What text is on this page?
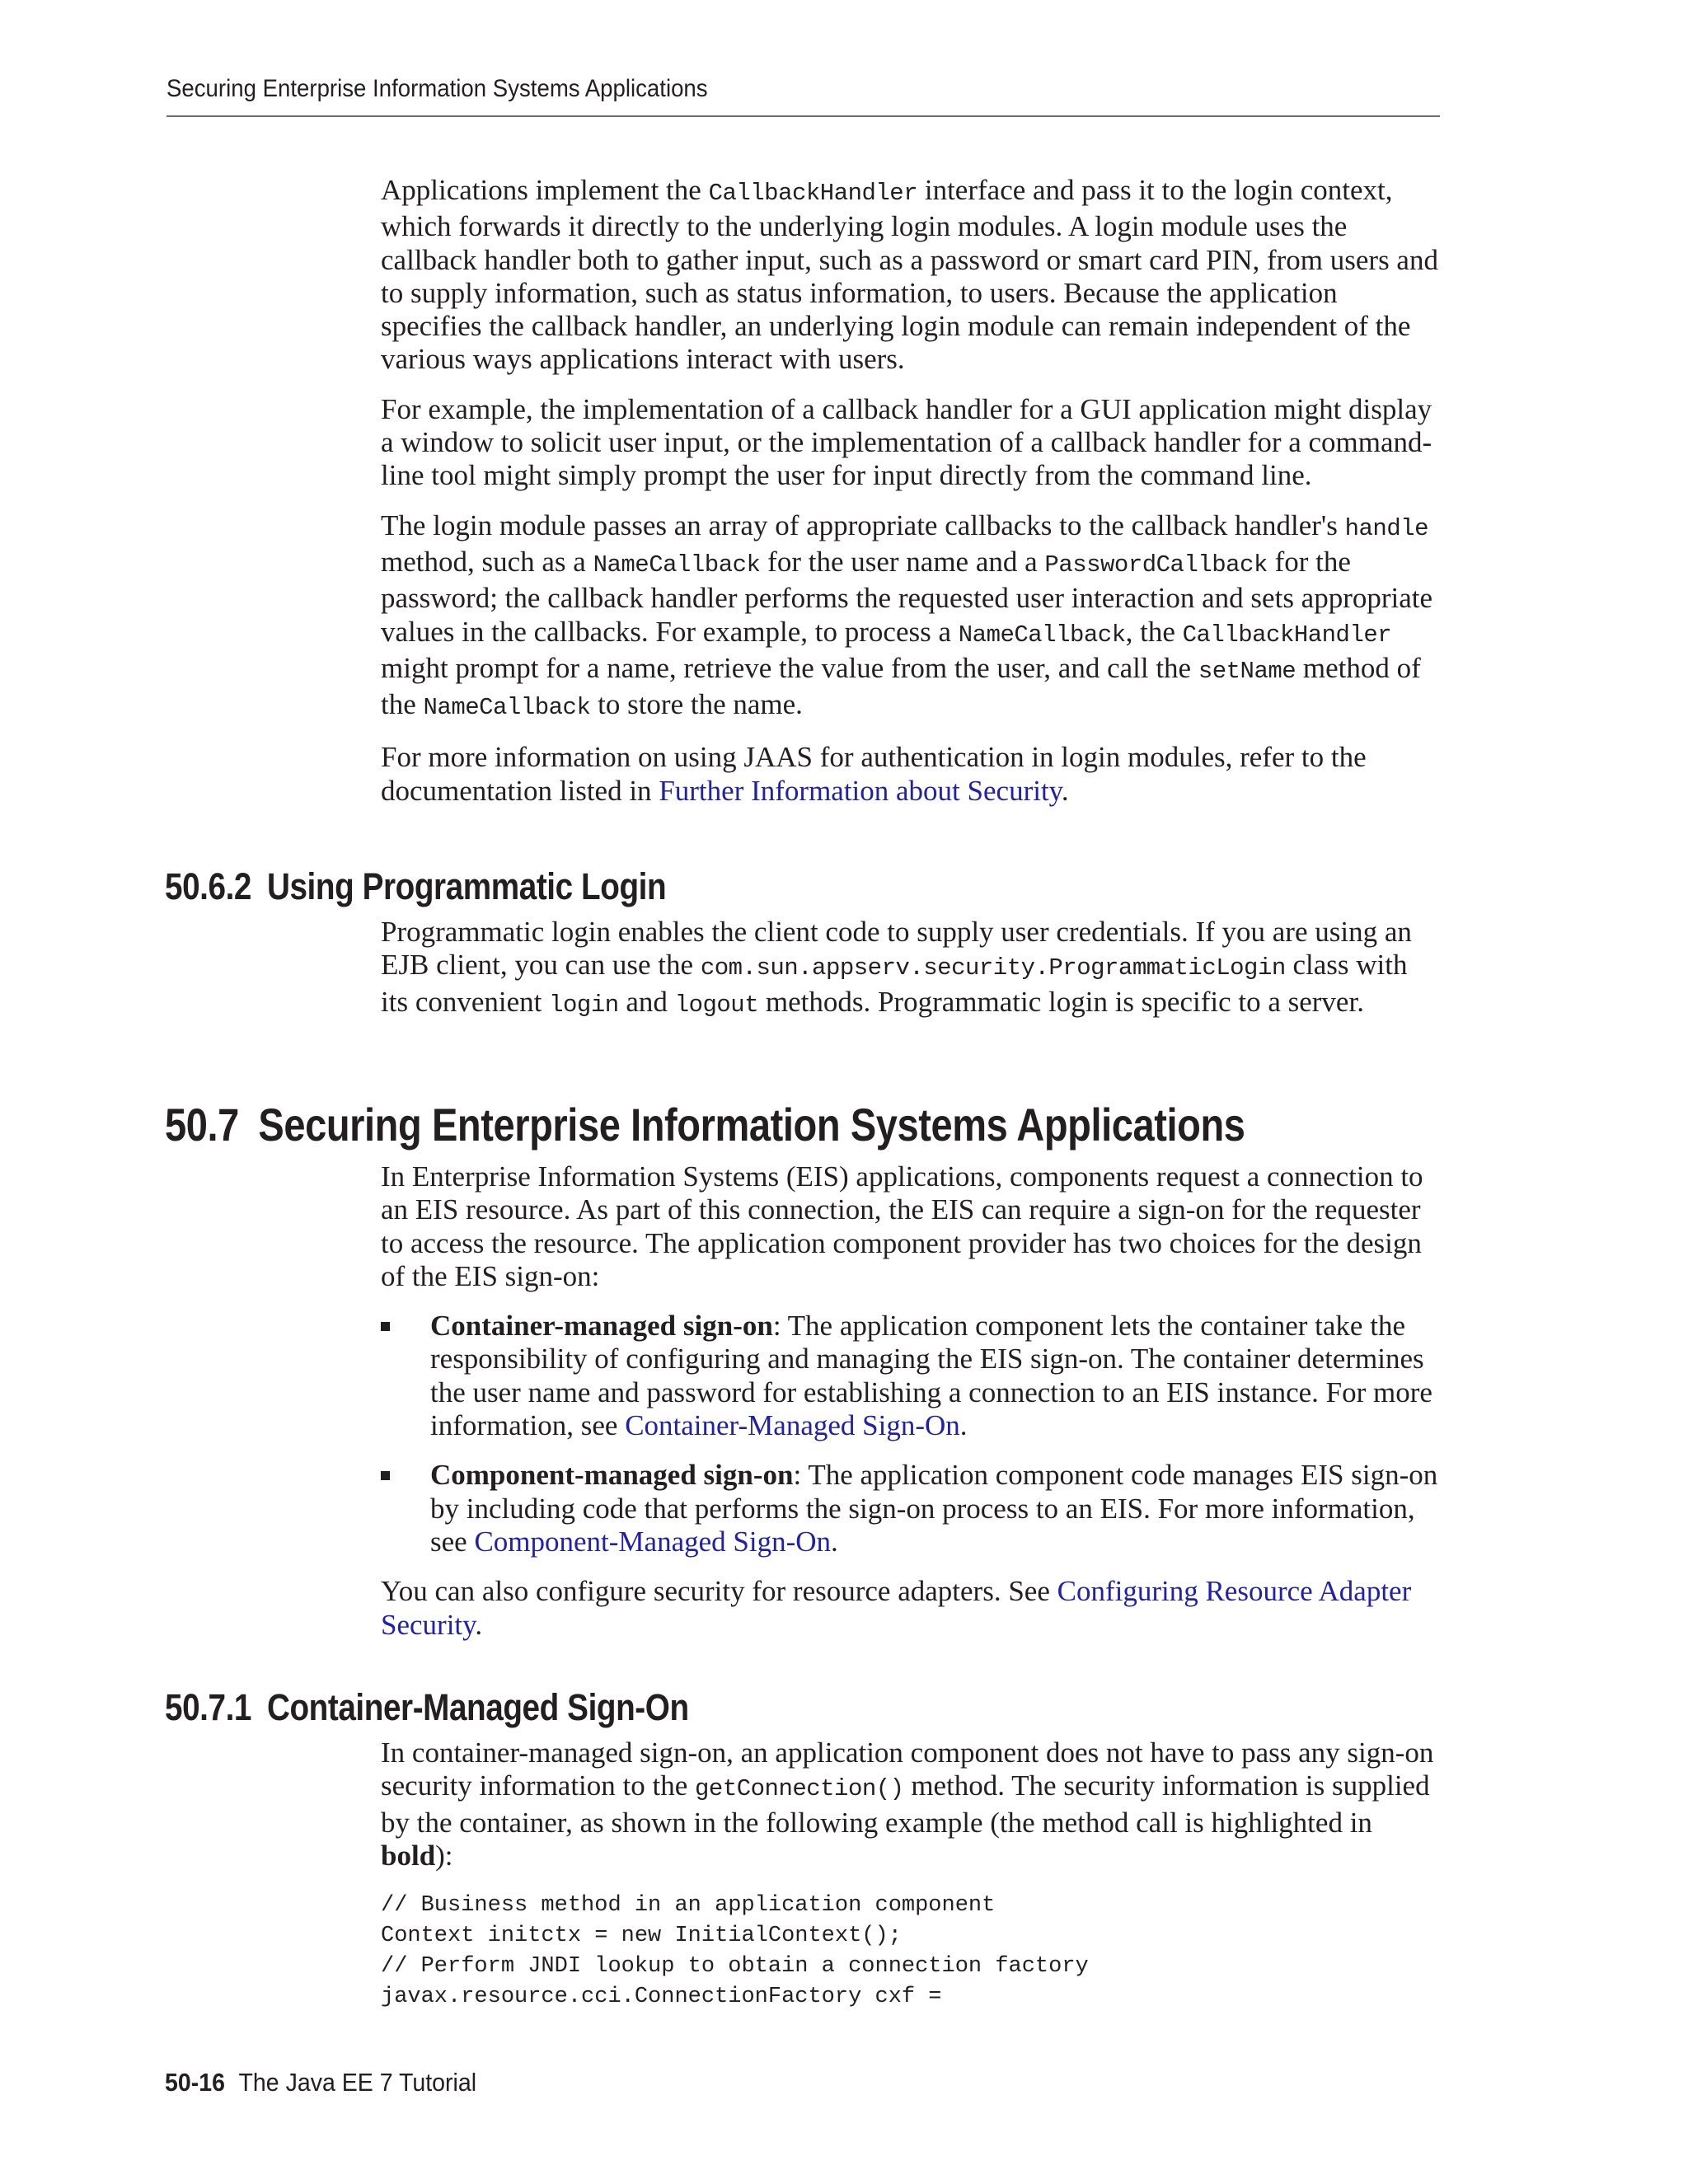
Securing Enterprise Information Systems Applications

Applications implement the CallbackHandler interface and pass it to the login context, which forwards it directly to the underlying login modules. A login module uses the callback handler both to gather input, such as a password or smart card PIN, from users and to supply information, such as status information, to users. Because the application specifies the callback handler, an underlying login module can remain independent of the various ways applications interact with users.

For example, the implementation of a callback handler for a GUI application might display a window to solicit user input, or the implementation of a callback handler for a command-line tool might simply prompt the user for input directly from the command line.

The login module passes an array of appropriate callbacks to the callback handler's handle method, such as a NameCallback for the user name and a PasswordCallback for the password; the callback handler performs the requested user interaction and sets appropriate values in the callbacks. For example, to process a NameCallback, the CallbackHandler might prompt for a name, retrieve the value from the user, and call the setName method of the NameCallback to store the name.

For more information on using JAAS for authentication in login modules, refer to the documentation listed in Further Information about Security.

50.6.2 Using Programmatic Login

Programmatic login enables the client code to supply user credentials. If you are using an EJB client, you can use the com.sun.appserv.security.ProgrammaticLogin class with its convenient login and logout methods. Programmatic login is specific to a server.

50.7 Securing Enterprise Information Systems Applications

In Enterprise Information Systems (EIS) applications, components request a connection to an EIS resource. As part of this connection, the EIS can require a sign-on for the requester to access the resource. The application component provider has two choices for the design of the EIS sign-on:

Container-managed sign-on: The application component lets the container take the responsibility of configuring and managing the EIS sign-on. The container determines the user name and password for establishing a connection to an EIS instance. For more information, see Container-Managed Sign-On.
Component-managed sign-on: The application component code manages EIS sign-on by including code that performs the sign-on process to an EIS. For more information, see Component-Managed Sign-On.

You can also configure security for resource adapters. See Configuring Resource Adapter Security.

50.7.1 Container-Managed Sign-On

In container-managed sign-on, an application component does not have to pass any sign-on security information to the getConnection() method. The security information is supplied by the container, as shown in the following example (the method call is highlighted in bold):

// Business method in an application component
Context initctx = new InitialContext();
// Perform JNDI lookup to obtain a connection factory
javax.resource.cci.ConnectionFactory cxf =
50-16 The Java EE 7 Tutorial
